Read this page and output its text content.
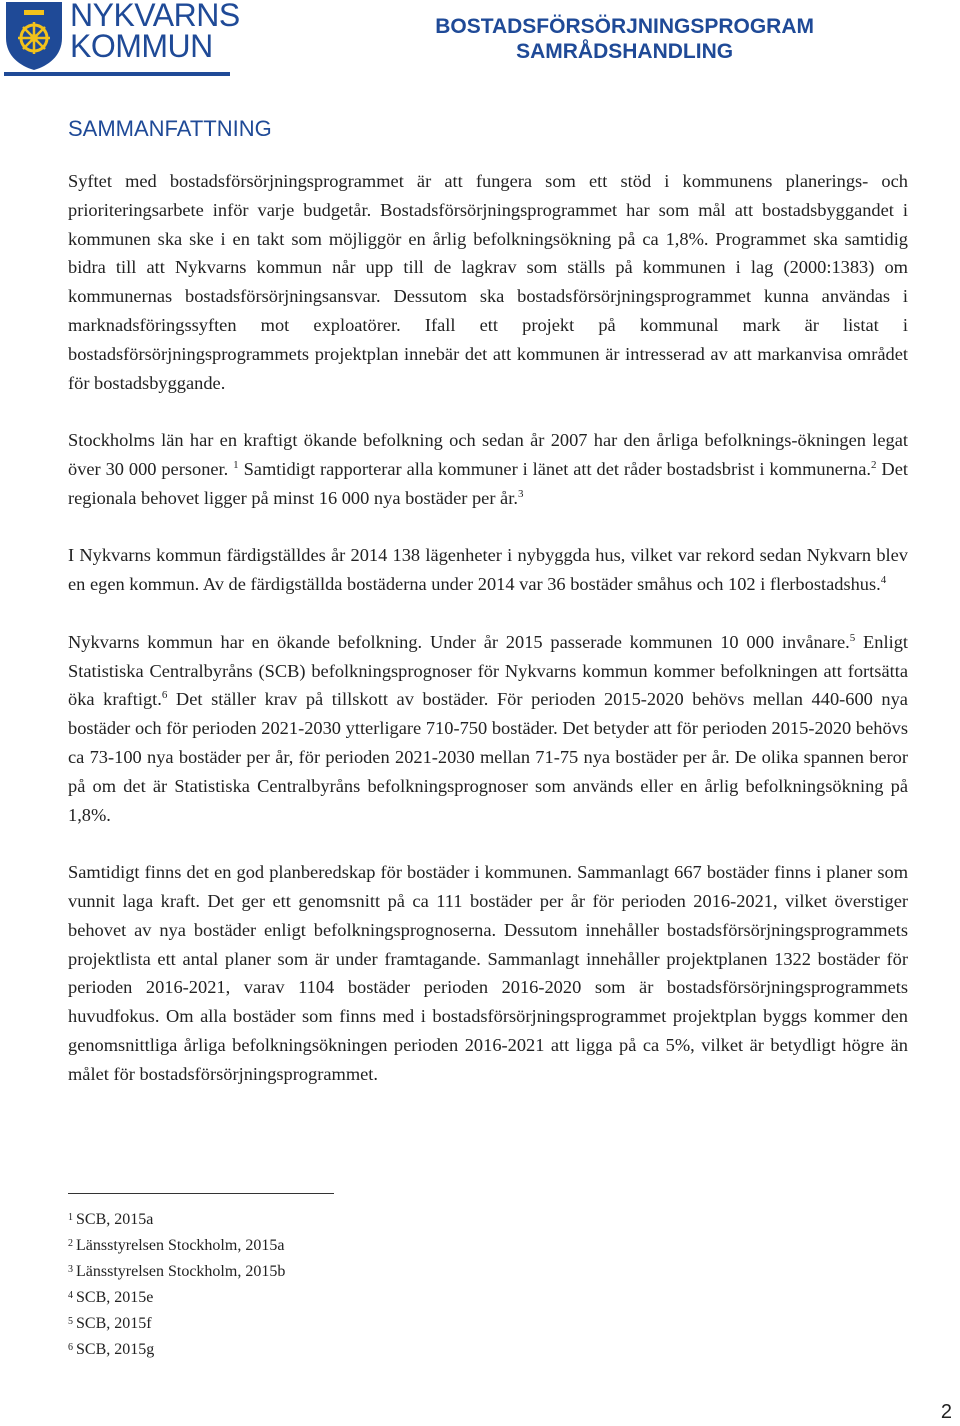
NYKVARNS
KOMMUN
BOSTADSFÖRSÖRJNINGSPROGRAM
SAMRÅDSHANDLING
SAMMANFATTNING

Syftet med bostadsförsörjningsprogrammet är att fungera som ett stöd i kommunens planerings- och prioriteringsarbete inför varje budgetår. Bostadsförsörjningsprogrammet har som mål att bostadsbyggandet i kommunen ska ske i en takt som möjliggör en årlig befolkningsökning på ca 1,8%. Programmet ska samtidig bidra till att Nykvarns kommun når upp till de lagkrav som ställs på kommunen i lag (2000:1383) om kommunernas bostadsförsörjningsansvar. Dessutom ska bostadsförsörjningsprogrammet kunna användas i marknadsföringssyften mot exploatörer. Ifall ett projekt på kommunal mark är listat i bostadsförsörjningsprogrammets projektplan innebär det att kommunen är intresserad av att markanvisa området för bostadsbyggande.

Stockholms län har en kraftigt ökande befolkning och sedan år 2007 har den årliga befolknings-ökningen legat över 30 000 personer. $^1$ Samtidigt rapporterar alla kommuner i länet att det råder bostadsbrist i kommunerna.$^2$ Det regionala behovet ligger på minst 16 000 nya bostäder per år.$^3$

I Nykvarns kommun färdigställdes år 2014 138 lägenheter i nybyggda hus, vilket var rekord sedan Nykvarn blev en egen kommun. Av de färdigställda bostäderna under 2014 var 36 bostäder småhus och 102 i flerbostadshus.$^4$

Nykvarns kommun har en ökande befolkning. Under år 2015 passerade kommunen 10 000 invånare.$^5$ Enligt Statistiska Centralbyråns (SCB) befolkningsprognoser för Nykvarns kommun kommer befolkningen att fortsätta öka kraftigt.$^6$ Det ställer krav på tillskott av bostäder. För perioden 2015-2020 behövs mellan 440-600 nya bostäder och för perioden 2021-2030 ytterligare 710-750 bostäder. Det betyder att för perioden 2015-2020 behövs ca 73-100 nya bostäder per år, för perioden 2021-2030 mellan 71-75 nya bostäder per år. De olika spannen beror på om det är Statistiska Centralbyråns befolkningsprognoser som används eller en årlig befolkningsökning på 1,8%.

Samtidigt finns det en god planberedskap för bostäder i kommunen. Sammanlagt 667 bostäder finns i planer som vunnit laga kraft. Det ger ett genomsnitt på ca 111 bostäder per år för perioden 2016-2021, vilket överstiger behovet av nya bostäder enligt befolkningsprognoserna. Dessutom innehåller bostadsförsörjningsprogrammets projektlista ett antal planer som är under framtagande. Sammanlagt innehåller projektplanen 1322 bostäder för perioden 2016-2021, varav 1104 bostäder perioden 2016-2020 som är bostadsförsörjningsprogrammets huvudfokus. Om alla bostäder som finns med i bostadsförsörjningsprogrammet projektplan byggs kommer den genomsnittliga årliga befolkningsökningen perioden 2016-2021 att ligga på ca 5%, vilket är betydligt högre än målet för bostadsförsörjningsprogrammet.

$^1$ SCB, 2015a
$^2$ Länsstyrelsen Stockholm, 2015a
$^3$ Länsstyrelsen Stockholm, 2015b
$^4$ SCB, 2015e
$^5$ SCB, 2015f
$^6$ SCB, 2015g
2
